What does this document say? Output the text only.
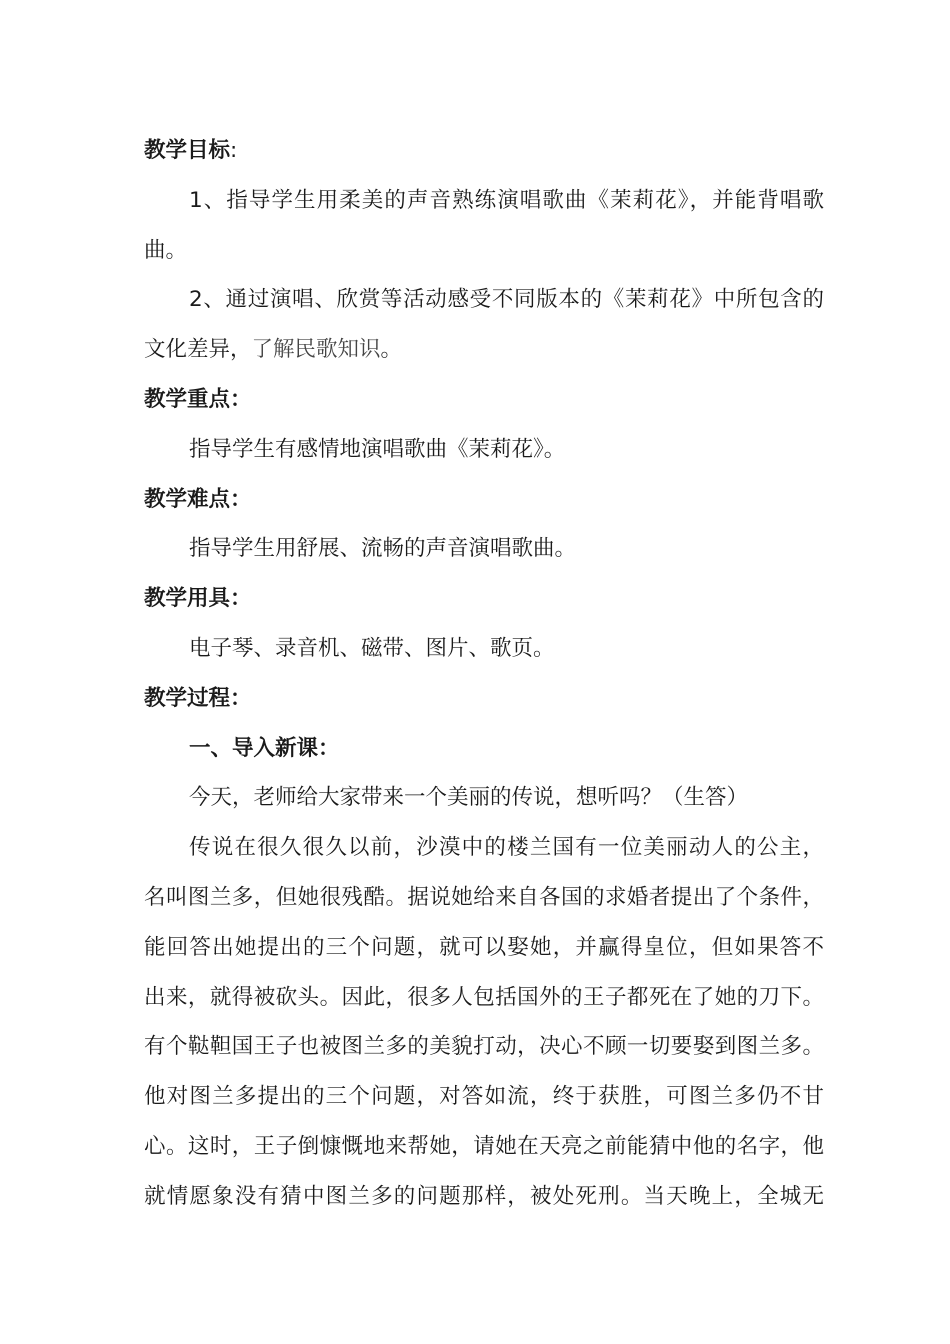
教学目标:
1、指导学生用柔美的声音熟练演唱歌曲《茉莉花》，并能背唱歌
曲。
2、通过演唱、欣赏等活动感受不同版本的《茉莉花》中所包含的
文化差异，了解民歌知识。
教学重点：
指导学生有感情地演唱歌曲《茉莉花》。
教学难点：
指导学生用舒展、流畅的声音演唱歌曲。
教学用具：
电子琴、录音机、磁带、图片、歌页。
教学过程：
一、导入新课：
今天，老师给大家带来一个美丽的传说，想听吗？（生答）
传说在很久很久以前，沙漠中的楼兰国有一位美丽动人的公主，
名叫图兰多，但她很残酷。据说她给来自各国的求婚者提出了个条件，
能回答出她提出的三个问题，就可以娶她，并赢得皇位，但如果答不
出来，就得被砍头。因此，很多人包括国外的王子都死在了她的刀下。
有个鞑靼国王子也被图兰多的美貌打动，决心不顾一切要娶到图兰多。
他对图兰多提出的三个问题，对答如流，终于获胜，可图兰多仍不甘
心。这时，王子倒慷慨地来帮她，请她在天亮之前能猜中他的名字，他
就情愿象没有猜中图兰多的问题那样，被处死刑。当天晚上，全城无
